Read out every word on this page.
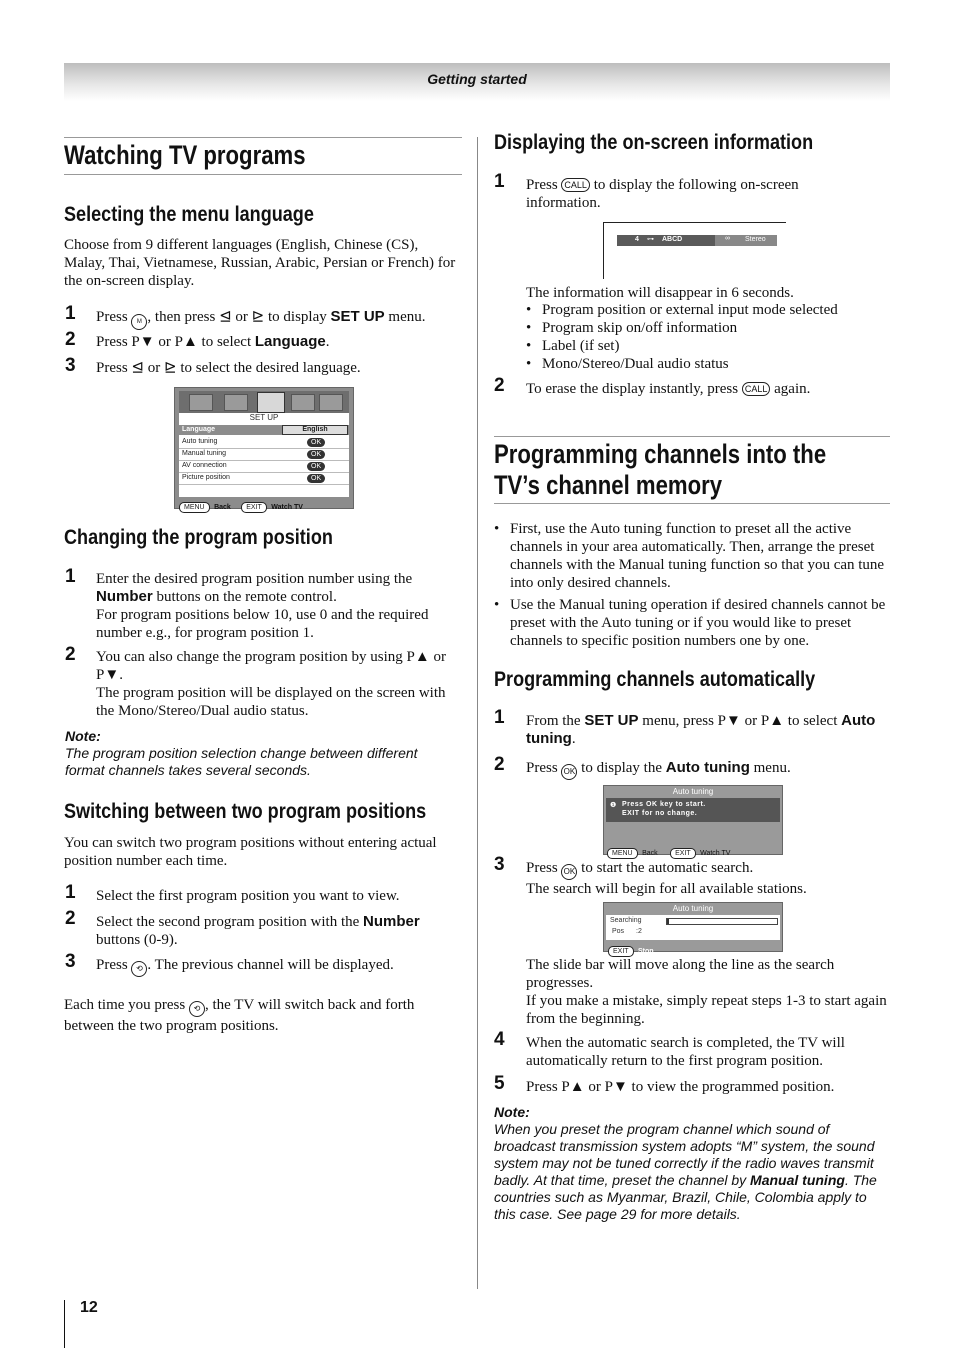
Getting started
Watching TV programs
Selecting the menu language
Choose from 9 different languages (English, Chinese (CS), Malay, Thai, Vietnamese, Russian, Arabic, Persian or French) for the on-screen display.
1 Press M , then press ⊴ or ⊵ to display SET UP menu.
2 Press P▼ or P▲ to select Language.
3 Press ⊴ or ⊵ to select the desired language.
SET UP
Language	English
Auto tuning	OK
Manual tuning	OK
AV connection	OK
Picture position	OK
MENU Back EXIT Watch TV
Changing the program position
1 Enter the desired program position number using the Number buttons on the remote control.
For program positions below 10, use 0 and the required number e.g., for program position 1.
2 You can also change the program position by using P▲ or P▼.
The program position will be displayed on the screen with the Mono/Stereo/Dual audio status.
Note:
The program position selection change between different format channels takes several seconds.
Switching between two program positions
You can switch two program positions without entering actual position number each time.
1 Select the first program position you want to view.
2 Select the second program position with the Number buttons (0-9).
3 Press ⟲ . The previous channel will be displayed.
Each time you press ⟲ , the TV will switch back and forth between the two program positions.
Displaying the on-screen information
1 Press CALL to display the following on-screen information.
4 ⊶ ABCD	∞ Stereo
The information will disappear in 6 seconds.
• Program position or external input mode selected
• Program skip on/off information
• Label (if set)
• Mono/Stereo/Dual audio status
2 To erase the display instantly, press CALL again.
Programming channels into the
TV’s channel memory
• First, use the Auto tuning function to preset all the active channels in your area automatically. Then, arrange the preset channels with the Manual tuning function so that you can tune into only desired channels.
• Use the Manual tuning operation if desired channels cannot be preset with the Auto tuning or if you would like to preset channels to specific position numbers one by one.
Programming channels automatically
1 From the SET UP menu, press P▼ or P▲ to select Auto tuning.
2 Press OK to display the Auto tuning menu.
Auto tuning
❶ Press OK key to start.
EXIT for no change.
MENU Back EXIT Watch TV
3 Press OK to start the automatic search.
The search will begin for all available stations.
Auto tuning
Searching
Pos :2
EXIT Stop
The slide bar will move along the line as the search progresses.
If you make a mistake, simply repeat steps 1-3 to start again from the beginning.
4 When the automatic search is completed, the TV will automatically return to the first program position.
5 Press P▲ or P▼ to view the programmed position.
Note:
When you preset the program channel which sound of broadcast transmission system adopts “M” system, the sound system may not be tuned correctly if the radio waves transmit badly. At that time, preset the channel by Manual tuning. The countries such as Myanmar, Brazil, Chile, Colombia apply to this case. See page 29 for more details.
12
